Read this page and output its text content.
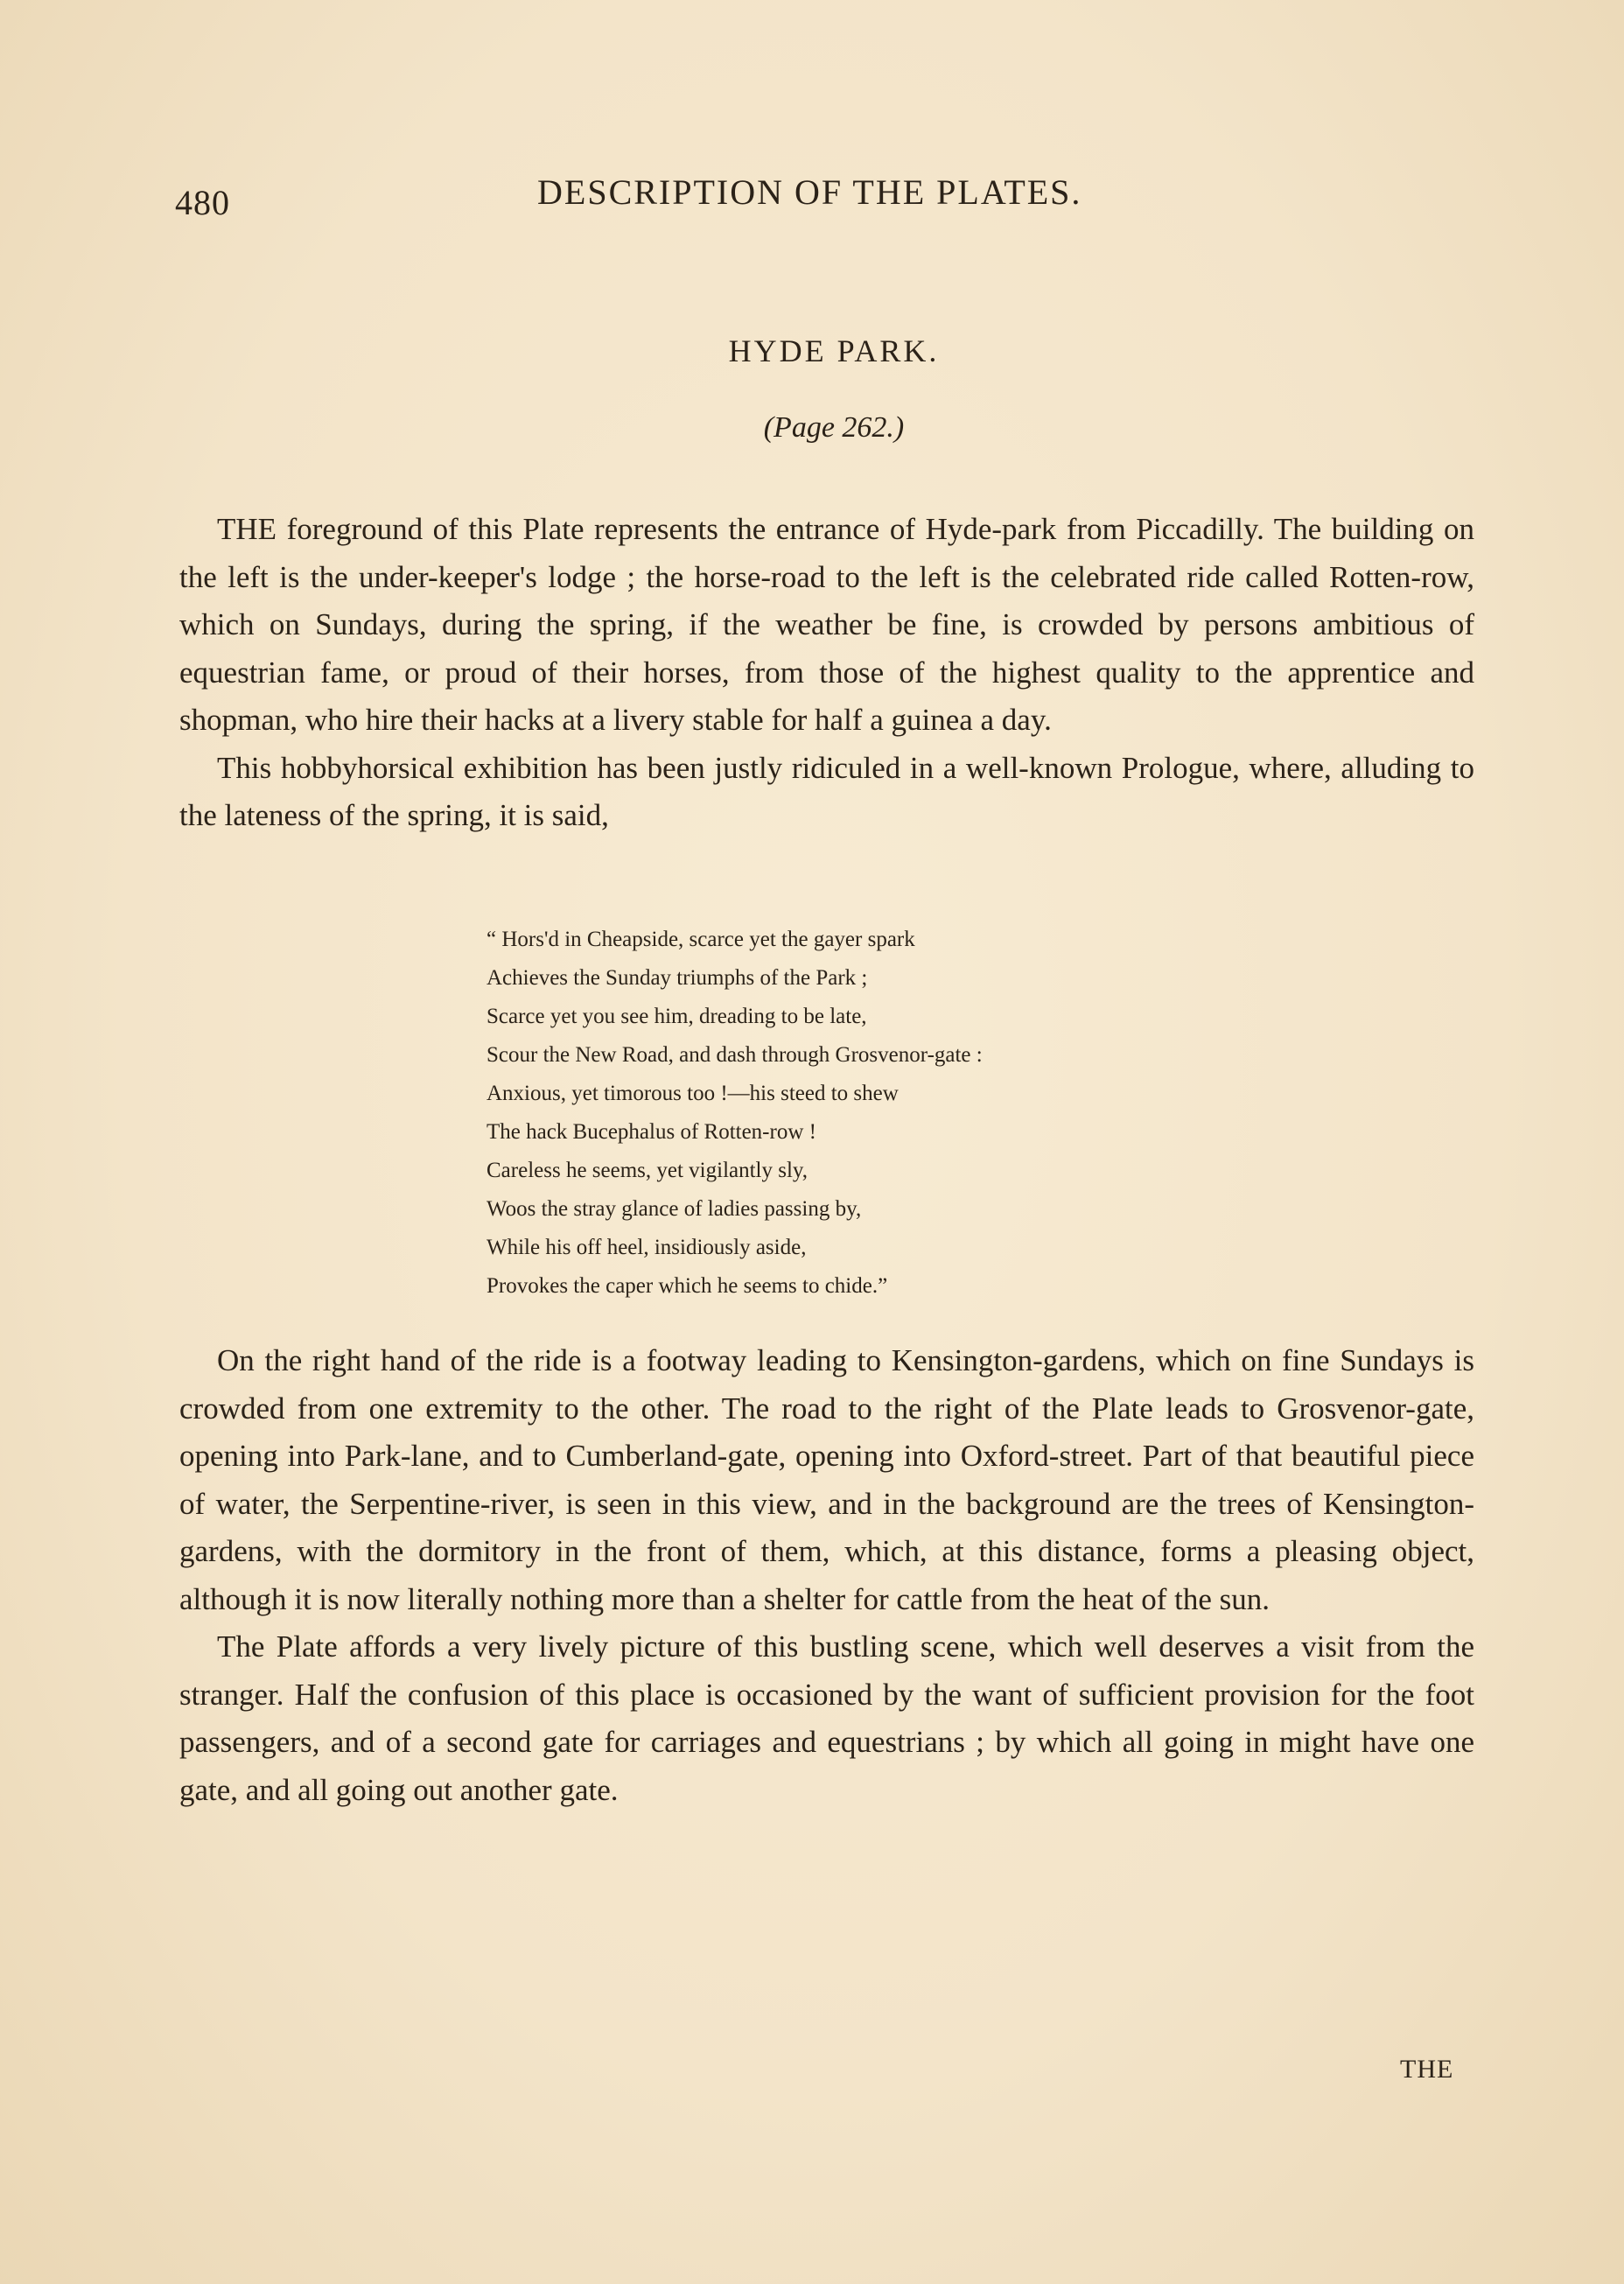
480	DESCRIPTION OF THE PLATES.
HYDE PARK.
(Page 262.)

THE foreground of this Plate represents the entrance of Hyde-park from Piccadilly. The building on the left is the under-keeper's lodge ; the horse-road to the left is the celebrated ride called Rotten-row, which on Sundays, during the spring, if the weather be fine, is crowded by persons ambitious of equestrian fame, or proud of their horses, from those of the highest quality to the apprentice and shopman, who hire their hacks at a livery stable for half a guinea a day.

This hobbyhorsical exhibition has been justly ridiculed in a well-known Prologue, where, alluding to the lateness of the spring, it is said,

“ Hors'd in Cheapside, scarce yet the gayer spark
Achieves the Sunday triumphs of the Park ;
Scarce yet you see him, dreading to be late,
Scour the New Road, and dash through Grosvenor-gate :
Anxious, yet timorous too !—his steed to shew
The hack Bucephalus of Rotten-row !
Careless he seems, yet vigilantly sly,
Woos the stray glance of ladies passing by,
While his off heel, insidiously aside,
Provokes the caper which he seems to chide.”

On the right hand of the ride is a footway leading to Kensington-gardens, which on fine Sundays is crowded from one extremity to the other. The road to the right of the Plate leads to Grosvenor-gate, opening into Park-lane, and to Cumberland-gate, opening into Oxford-street. Part of that beautiful piece of water, the Serpentine-river, is seen in this view, and in the background are the trees of Kensington-gardens, with the dormitory in the front of them, which, at this distance, forms a pleasing object, although it is now literally nothing more than a shelter for cattle from the heat of the sun.

The Plate affords a very lively picture of this bustling scene, which well deserves a visit from the stranger. Half the confusion of this place is occasioned by the want of sufficient provision for the foot passengers, and of a second gate for carriages and equestrians ; by which all going in might have one gate, and all going out another gate.

THE
